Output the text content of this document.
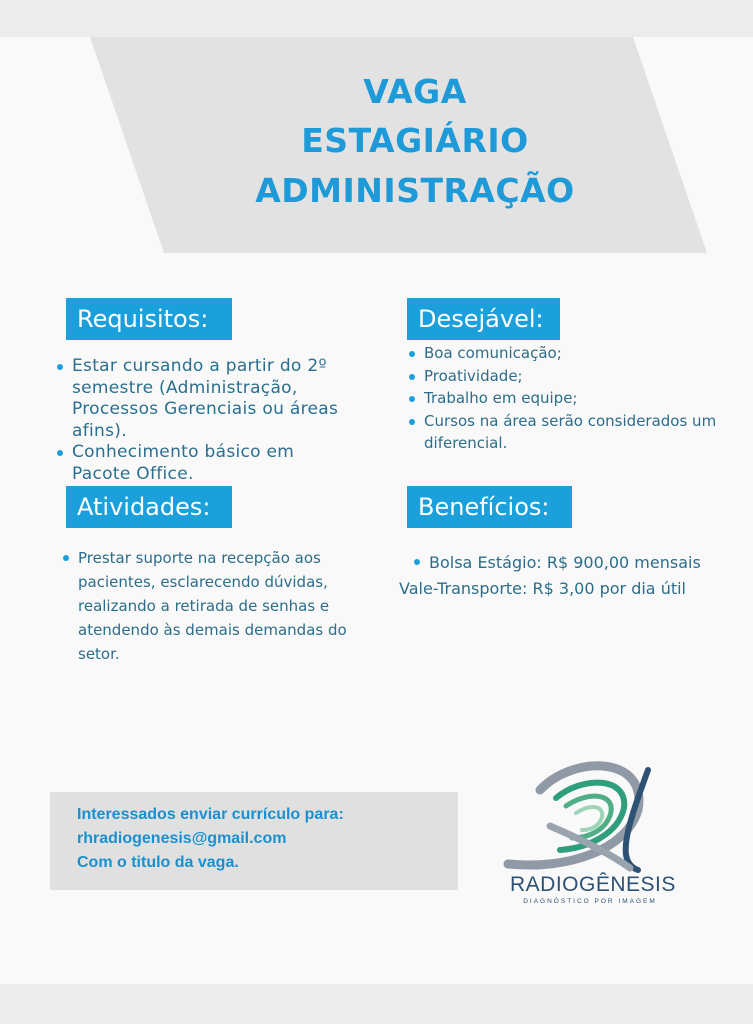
VAGA
ESTAGIÁRIO
ADMINISTRAÇÃO
Requisitos:
Estar cursando a partir do 2º semestre (Administração, Processos Gerenciais ou áreas afins).
Conhecimento básico em Pacote Office.
Desejável:
Boa comunicação;
Proatividade;
Trabalho em equipe;
Cursos na área serão considerados um diferencial.
Atividades:
Prestar suporte na recepção aos pacientes, esclarecendo dúvidas, realizando a retirada de senhas e atendendo às demais demandas do setor.
Benefícios:
Bolsa Estágio: R$ 900,00 mensais
Vale-Transporte: R$ 3,00 por dia útil
Interessados enviar currículo para:
rhradiogenesis@gmail.com
Com o titulo da vaga.
RADIOGÊNESIS
DIAGNÓSTICO POR IMAGEM
